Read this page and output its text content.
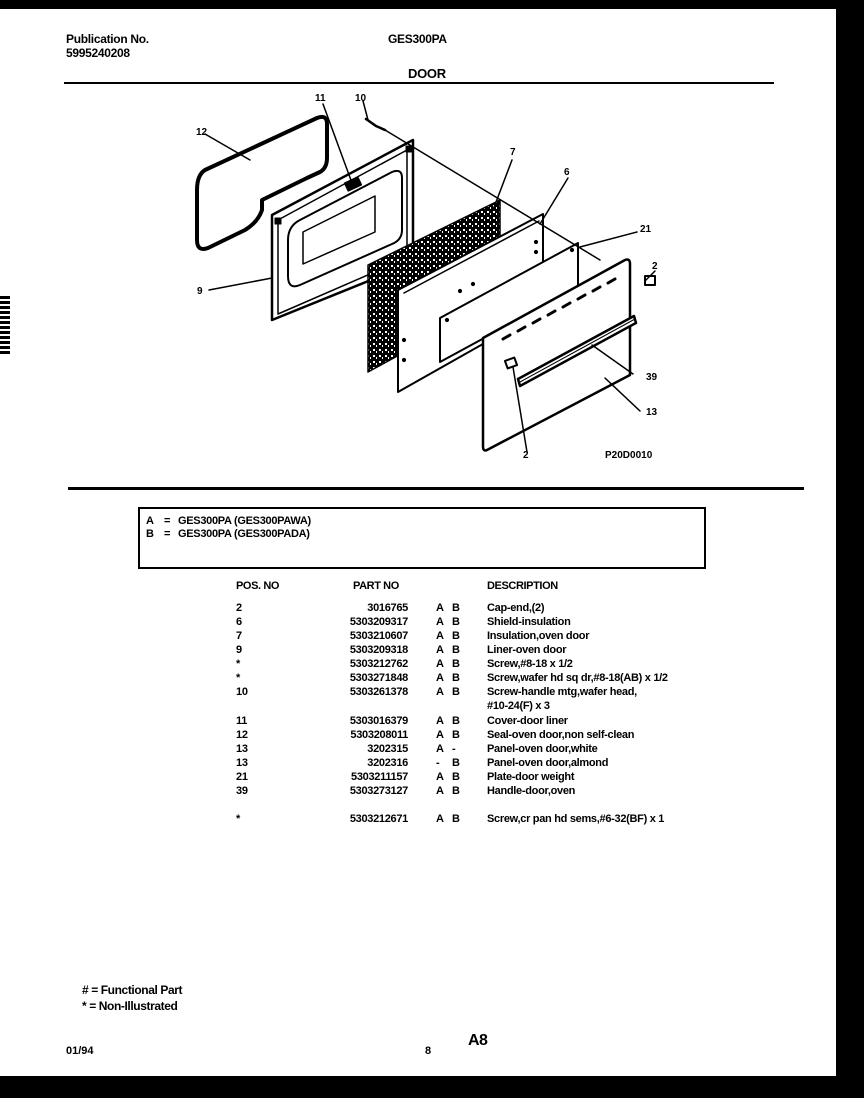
Publication No.
5995240208
GES300PA
DOOR
12
11	10
7
6
21
2
9
39
13
2	P20D0010
A = GES300PA (GES300PAWA)
B = GES300PA (GES300PADA)
POS. NO	PART NO	DESCRIPTION
2	3016765	A B Cap-end,(2)
6	5303209317	A B Shield-insulation
7	5303210607	A B Insulation,oven door
9	5303209318	A B Liner-oven door
*	5303212762	A B Screw,#8-18 x 1/2
*	5303271848	A B Screw,wafer hd sq dr,#8-18(AB) x 1/2
10	5303261378	A B Screw-handle mtg,wafer head,
#10-24(F) x 3
11	5303016379	A B Cover-door liner
12	5303208011	A B Seal-oven door,non self-clean
13	3202315	A -	Panel-oven door,white
13	3202316	- B Panel-oven door,almond
21	5303211157	A B Plate-door weight
39	5303273127	A B Handle-door,oven
*	5303212671	A B Screw,cr pan hd sems,#6-32(BF) x 1
# = Functional Part
* = Non-Illustrated
01/94	8
A8
